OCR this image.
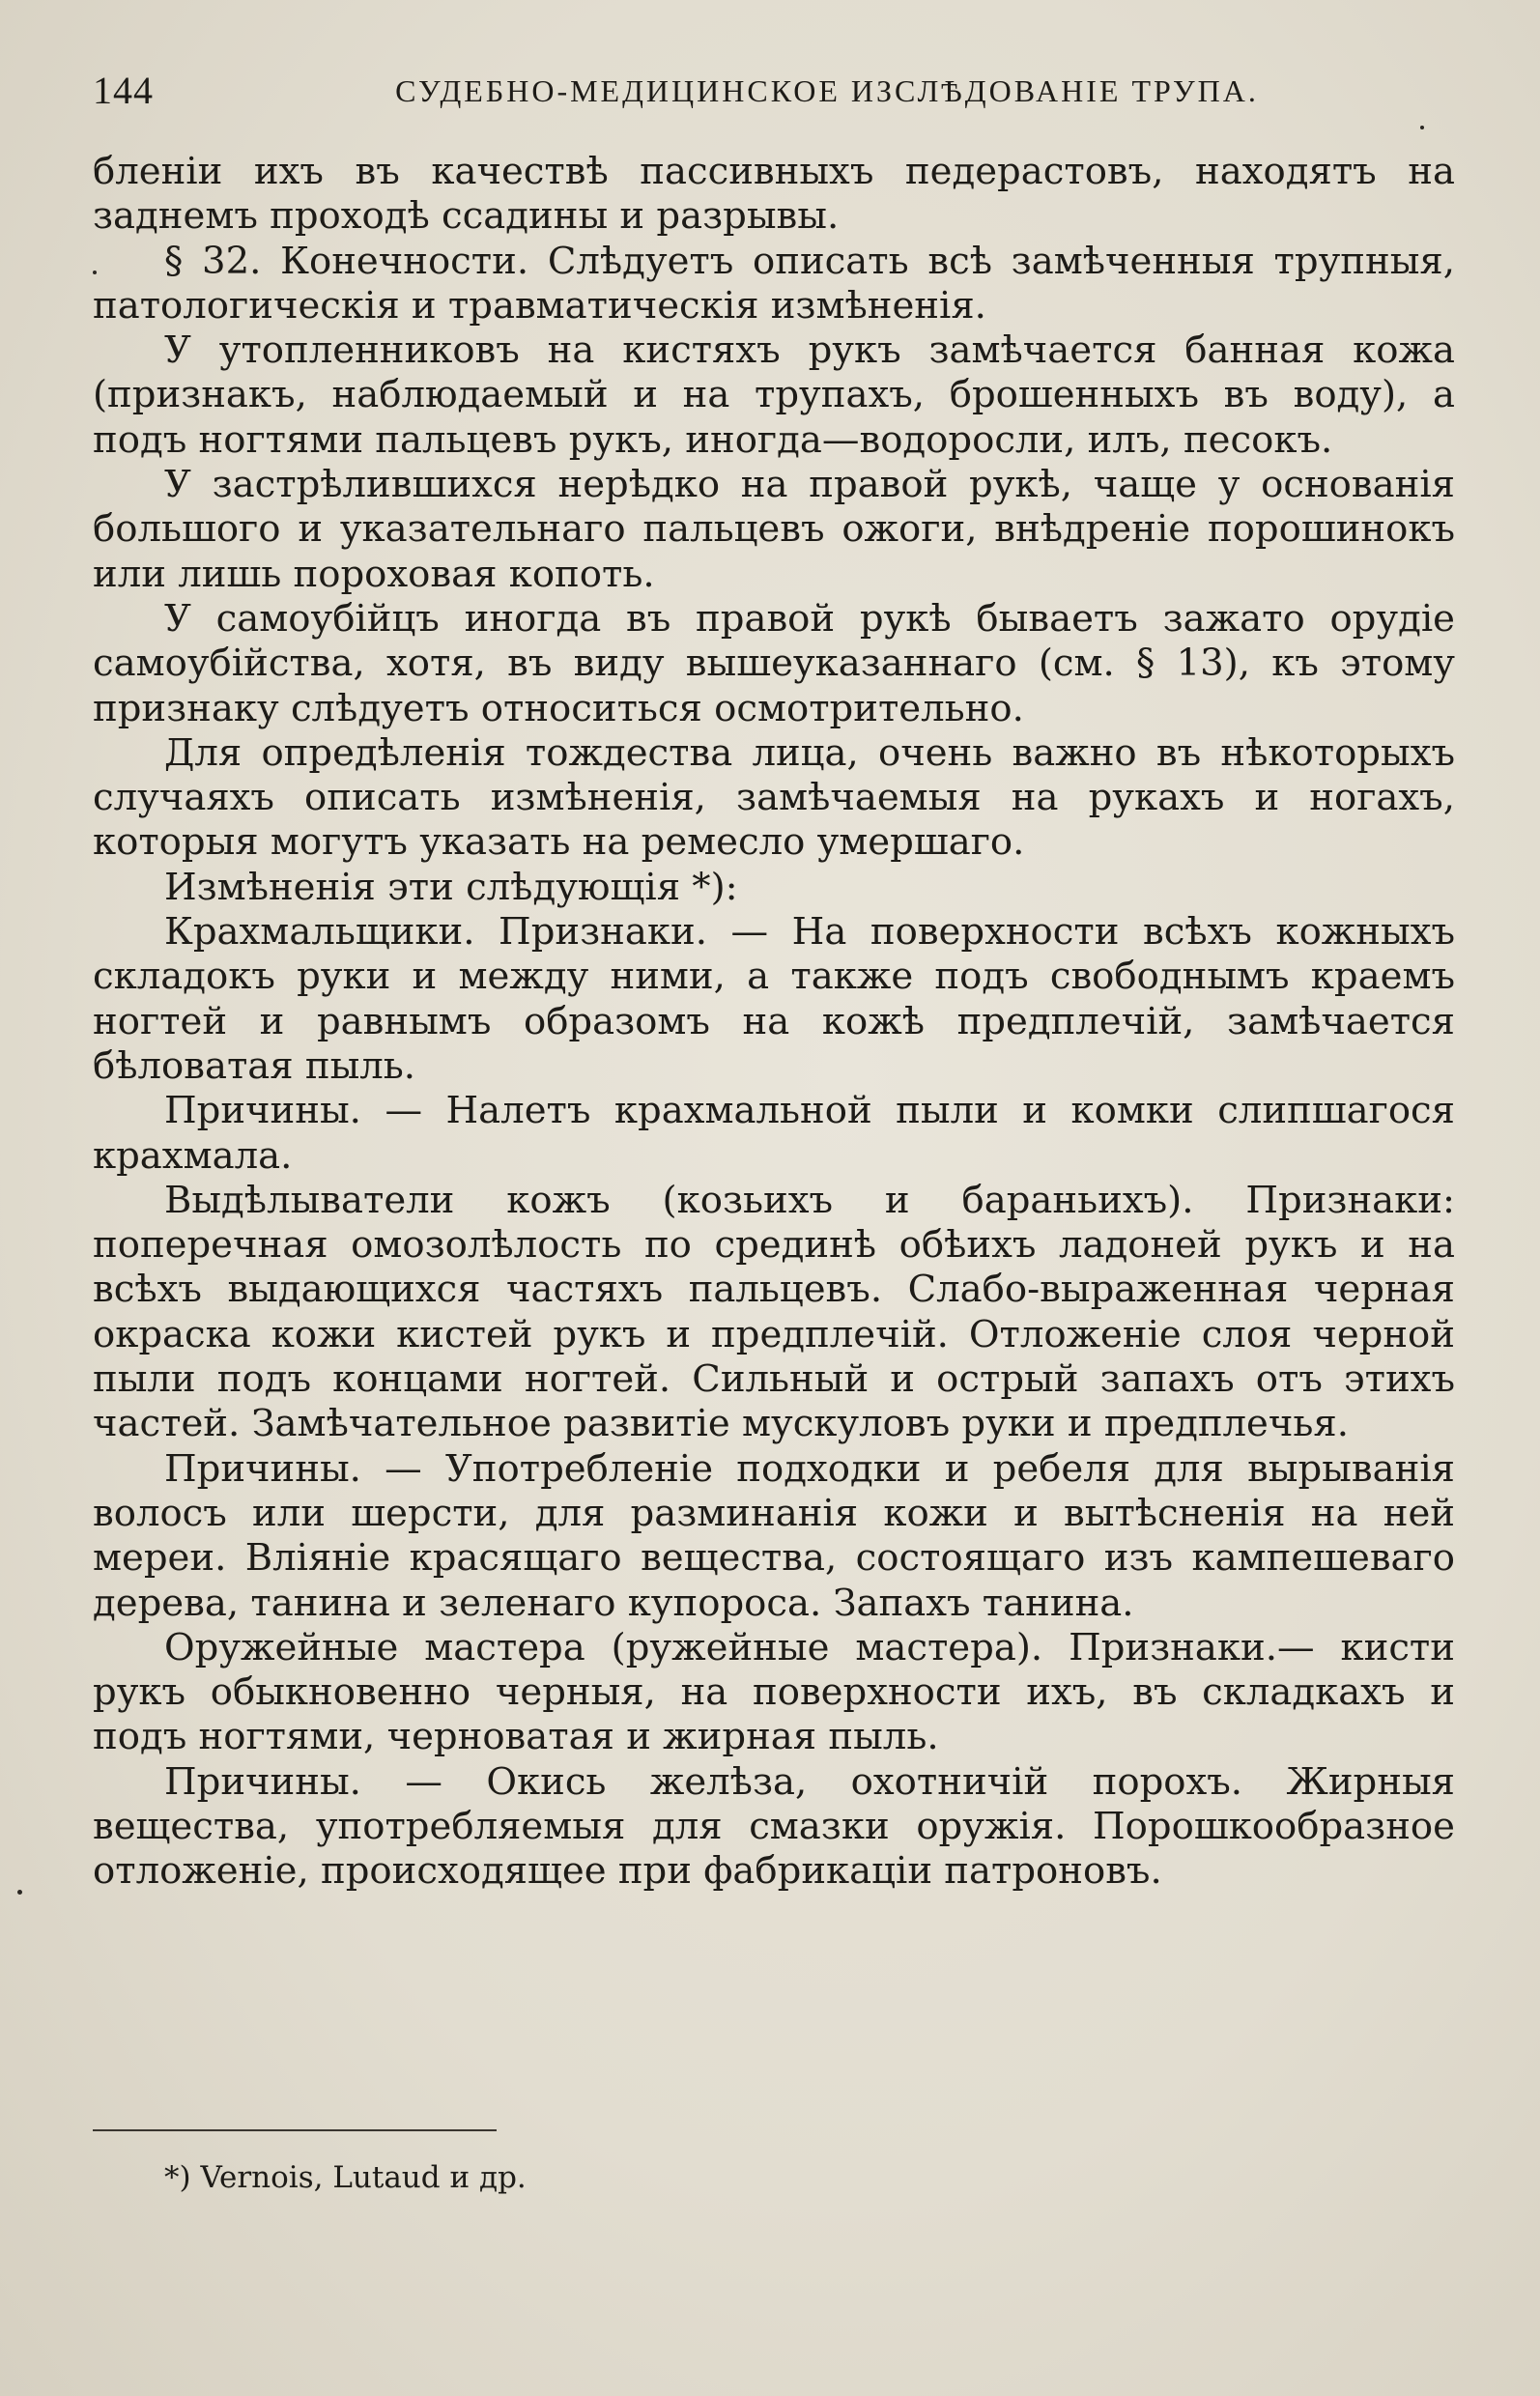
144	СУДЕБНО-МЕДИЦИНСКОЕ ИЗСЛѢДОВАНІЕ ТРУПА.

бленіи ихъ въ качествѣ пассивныхъ педерастовъ, находятъ на заднемъ проходѣ ссадины и разрывы.

§ 32. Конечности. Слѣдуетъ описать всѣ замѣченныя трупныя, патологическія и травматическія измѣненія.

У утопленниковъ на кистяхъ рукъ замѣчается банная кожа (признакъ, наблюдаемый и на трупахъ, брошенныхъ въ воду), а подъ ногтями пальцевъ рукъ, иногда—водоросли, илъ, песокъ.

У застрѣлившихся нерѣдко на правой рукѣ, чаще у основанія большого и указательнаго пальцевъ ожоги, внѣдреніе порошинокъ или лишь пороховая копоть.

У самоубійцъ иногда въ правой рукѣ бываетъ зажато орудіе самоубійства, хотя, въ виду вышеуказаннаго (см. § 13), къ этому признаку слѣдуетъ относиться осмотрительно.

Для опредѣленія тождества лица, очень важно въ нѣкоторыхъ случаяхъ описать измѣненія, замѣчаемыя на рукахъ и ногахъ, которыя могутъ указать на ремесло умершаго.

Измѣненія эти слѣдующія *):

Крахмальщики. Признаки. — На поверхности всѣхъ кожныхъ складокъ руки и между ними, а также подъ свободнымъ краемъ ногтей и равнымъ образомъ на кожѣ предплечій, замѣчается бѣловатая пыль.

Причины. — Налетъ крахмальной пыли и комки слипшагося крахмала.

Выдѣлыватели кожъ (козьихъ и бараньихъ). Признаки: поперечная омозолѣлость по срединѣ обѣихъ ладоней рукъ и на всѣхъ выдающихся частяхъ пальцевъ. Слабо-выраженная черная окраска кожи кистей рукъ и предплечій. Отложеніе слоя черной пыли подъ концами ногтей. Сильный и острый запахъ отъ этихъ частей. Замѣчательное развитіе мускуловъ руки и предплечья.

Причины. — Употребленіе подходки и ребеля для вырыванія волосъ или шерсти, для разминанія кожи и вытѣсненія на ней мереи. Вліяніе красящаго вещества, состоящаго изъ кампешеваго дерева, танина и зеленаго купороса. Запахъ танина.

Оружейные мастера (ружейные мастера). Признаки.— кисти рукъ обыкновенно черныя, на поверхности ихъ, въ складкахъ и подъ ногтями, черноватая и жирная пыль.

Причины. — Окись желѣза, охотничій порохъ. Жирныя вещества, употребляемыя для смазки оружія. Порошкообразное отложеніе, происходящее при фабрикаціи патроновъ.

*) Vernois, Lutaud и др.
